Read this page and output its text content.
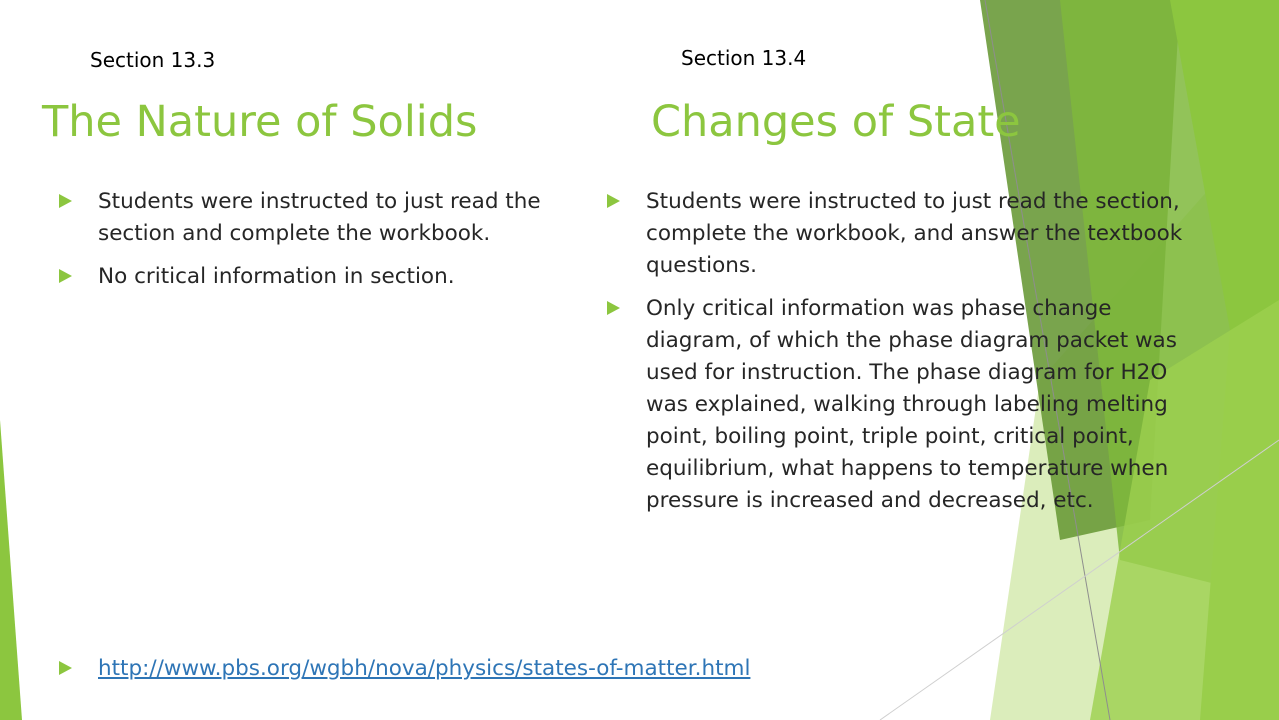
Section 13.3
The Nature of Solids
Students were instructed to just read the section and complete the workbook.
No critical information in section.
Section 13.4
Changes of State
Students were instructed to just read the section, complete the workbook, and answer the textbook questions.
Only critical information was phase change diagram, of which the phase diagram packet was used for instruction. The phase diagram for H2O was explained, walking through labeling melting point, boiling point, triple point, critical point, equilibrium, what happens to temperature when pressure is increased and decreased, etc.
http://www.pbs.org/wgbh/nova/physics/states-of-matter.html
